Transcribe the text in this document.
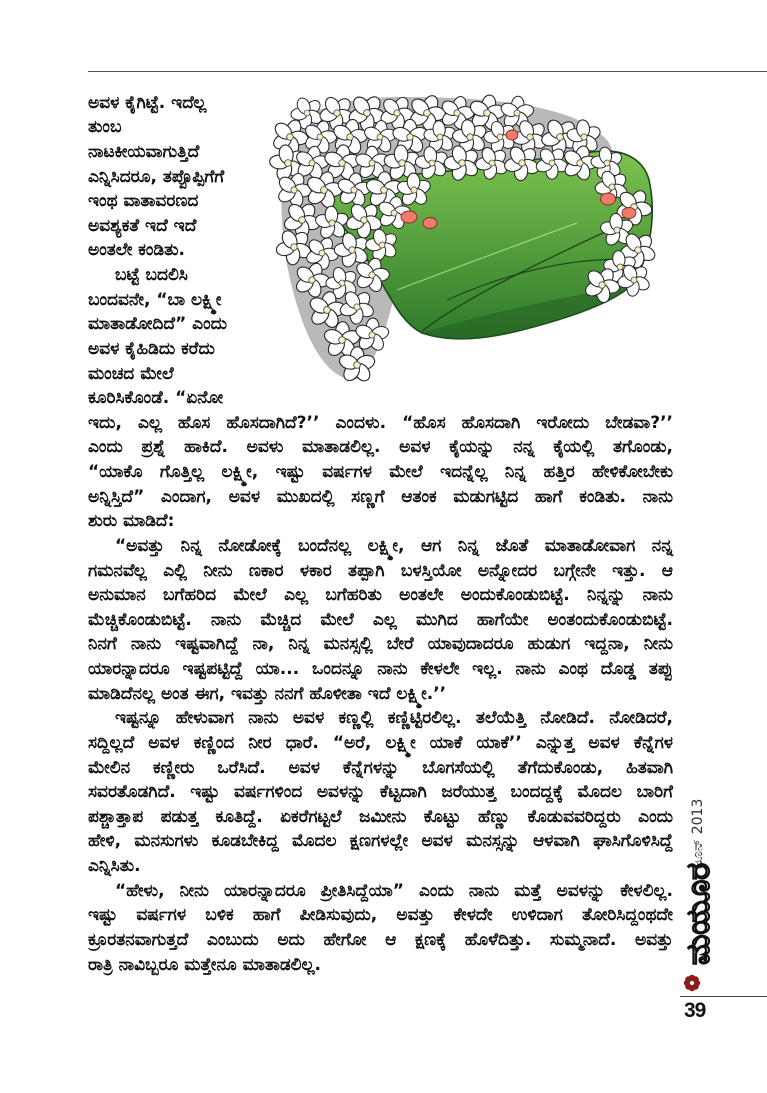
ಅವಳ ಕೈಗಿಟ್ಟೆ. ಇದೆಲ್ಲ
ತುಂಬ
ನಾಟಕೀಯವಾಗುತ್ತಿದೆ
ಎನ್ನಿಸಿದರೂ, ತಪ್ಪೊಪ್ಪಿಗೆಗೆ
ಇಂಥ ವಾತಾವರಣದ
ಅವಶ್ಯಕತೆ ಇದೆ ಇದೆ
ಅಂತಲೇ ಕಂಡಿತು.
ಬಟ್ಟೆ ಬದಲಿಸಿ
ಬಂದವನೇ, “ಬಾ ಲಕ್ಷ್ಮೀ
ಮಾತಾಡೋದಿದೆ” ಎಂದು
ಅವಳ ಕೈಹಿಡಿದು ಕರೆದು
ಮಂಚದ ಮೇಲೆ
ಕೂರಿಸಿಕೊಂಡೆ. “ಏನೋ
ಇದು, ಎಲ್ಲ ಹೊಸ ಹೊಸದಾಗಿದೆ?’’ ಎಂದಳು. “ಹೊಸ ಹೊಸದಾಗಿ ಇರೋದು ಬೇಡವಾ?’’
ಎಂದು ಪ್ರಶ್ನೆ ಹಾಕಿದೆ. ಅವಳು ಮಾತಾಡಲಿಲ್ಲ. ಅವಳ ಕೈಯನ್ನು ನನ್ನ ಕೈಯಲ್ಲಿ ತಗೊಂಡು,
“ಯಾಕೊ ಗೊತ್ತಿಲ್ಲ ಲಕ್ಷ್ಮೀ, ಇಷ್ಟು ವರ್ಷಗಳ ಮೇಲೆ ಇದನ್ನೆಲ್ಲ ನಿನ್ನ ಹತ್ತಿರ ಹೇಳಿಕೋಬೇಕು
ಅನ್ನಿಸ್ತಿದೆ” ಎಂದಾಗ, ಅವಳ ಮುಖದಲ್ಲಿ ಸಣ್ಣಗೆ ಆತಂಕ ಮಡುಗಟ್ಟಿದ ಹಾಗೆ ಕಂಡಿತು. ನಾನು
ಶುರು ಮಾಡಿದೆ:
“ಅವತ್ತು ನಿನ್ನ ನೋಡೋಕ್ಕೆ ಬಂದೆನಲ್ಲ ಲಕ್ಷ್ಮೀ, ಆಗ ನಿನ್ನ ಜೊತೆ ಮಾತಾಡೋವಾಗ ನನ್ನ
ಗಮನವೆಲ್ಲ ಎಲ್ಲಿ ನೀನು ಣಕಾರ ಳಕಾರ ತಪ್ಪಾಗಿ ಬಳಸ್ತಿಯೋ ಅನ್ನೋದರ ಬಗ್ಗೇನೇ ಇತ್ತು. ಆ
ಅನುಮಾನ ಬಗೆಹರಿದ ಮೇಲೆ ಎಲ್ಲ ಬಗೆಹರಿತು ಅಂತಲೇ ಅಂದುಕೊಂಡುಬಿಟ್ಟೆ. ನಿನ್ನನ್ನು ನಾನು
ಮೆಚ್ಚಿಕೊಂಡುಬಿಟ್ಟೆ. ನಾನು ಮೆಚ್ಚಿದ ಮೇಲೆ ಎಲ್ಲ ಮುಗಿದ ಹಾಗೆಯೇ ಅಂತಂದುಕೊಂಡುಬಿಟ್ಟೆ.
ನಿನಗೆ ನಾನು ಇಷ್ಟವಾಗಿದ್ದೆ ನಾ, ನಿನ್ನ ಮನಸ್ಸಲ್ಲಿ ಬೇರೆ ಯಾವುದಾದರೂ ಹುಡುಗ ಇದ್ದನಾ, ನೀನು
ಯಾರನ್ನಾದರೂ ಇಷ್ಟಪಟ್ಟಿದ್ದೆ ಯಾ... ಒಂದನ್ನೂ ನಾನು ಕೇಳಲೇ ಇಲ್ಲ. ನಾನು ಎಂಥ ದೊಡ್ಡ ತಪ್ಪು
ಮಾಡಿದೆನಲ್ಲ ಅಂತ ಈಗ, ಇವತ್ತು ನನಗೆ ಹೊಳೀತಾ ಇದೆ ಲಕ್ಷ್ಮೀ.’’
ಇಷ್ಟನ್ನೂ ಹೇಳುವಾಗ ನಾನು ಅವಳ ಕಣ್ಣಲ್ಲಿ ಕಣ್ಣಿಟ್ಟಿರಲಿಲ್ಲ. ತಲೆಯೆತ್ತಿ ನೋಡಿದೆ. ನೋಡಿದರೆ,
ಸದ್ದಿಲ್ಲದೆ ಅವಳ ಕಣ್ಣಿಂದ ನೀರ ಧಾರೆ. “ಅರೆ, ಲಕ್ಷ್ಮೀ ಯಾಕೆ ಯಾಕೆ’’ ಎನ್ನುತ್ತ ಅವಳ ಕೆನ್ನೆಗಳ
ಮೇಲಿನ ಕಣ್ಣೀರು ಒರೆಸಿದೆ. ಅವಳ ಕೆನ್ನೆಗಳನ್ನು ಬೊಗಸೆಯಲ್ಲಿ ತೆಗೆದುಕೊಂಡು, ಹಿತವಾಗಿ
ಸವರತೊಡಗಿದೆ. ಇಷ್ಟು ವರ್ಷಗಳಿಂದ ಅವಳನ್ನು ಕೆಟ್ಟದಾಗಿ ಜರೆಯುತ್ತ ಬಂದದ್ದಕ್ಕೆ ಮೊದಲ ಬಾರಿಗೆ
ಪಶ್ಚಾತ್ತಾಪ ಪಡುತ್ತ ಕೂತಿದ್ದೆ. ಏಕರೆಗಟ್ಟಲೆ ಜಮೀನು ಕೊಟ್ಟು ಹೆಣ್ಣು ಕೊಡುವವರಿದ್ದರು ಎಂದು
ಹೇಳಿ, ಮನಸುಗಳು ಕೂಡಬೇಕಿದ್ದ ಮೊದಲ ಕ್ಷಣಗಳಲ್ಲೇ ಅವಳ ಮನಸ್ಸನ್ನು ಆಳವಾಗಿ ಘಾಸಿಗೊಳಿಸಿದ್ದೆ
ಎನ್ನಿಸಿತು.
“ಹೇಳು, ನೀನು ಯಾರನ್ನಾದರೂ ಪ್ರೀತಿಸಿದ್ದೆಯಾ” ಎಂದು ನಾನು ಮತ್ತೆ ಅವಳನ್ನು ಕೇಳಲಿಲ್ಲ.
ಇಷ್ಟು ವರ್ಷಗಳ ಬಳಿಕ ಹಾಗೆ ಪೀಡಿಸುವುದು, ಅವತ್ತು ಕೇಳದೇ ಉಳಿದಾಗ ತೋರಿಸಿದ್ದಂಥದೇ
ಕ್ರೂರತನವಾಗುತ್ತದೆ ಎಂಬುದು ಅದು ಹೇಗೋ ಆ ಕ್ಷಣಕ್ಕೆ ಹೊಳೆದಿತ್ತು. ಸುಮ್ಮನಾದೆ. ಅವತ್ತು
ರಾತ್ರಿ ನಾವಿಬ್ಬರೂ ಮತ್ತೇನೂ ಮಾತಾಡಲಿಲ್ಲ.
ಜೂನ್ 2013
ಮಯೂರ
39
